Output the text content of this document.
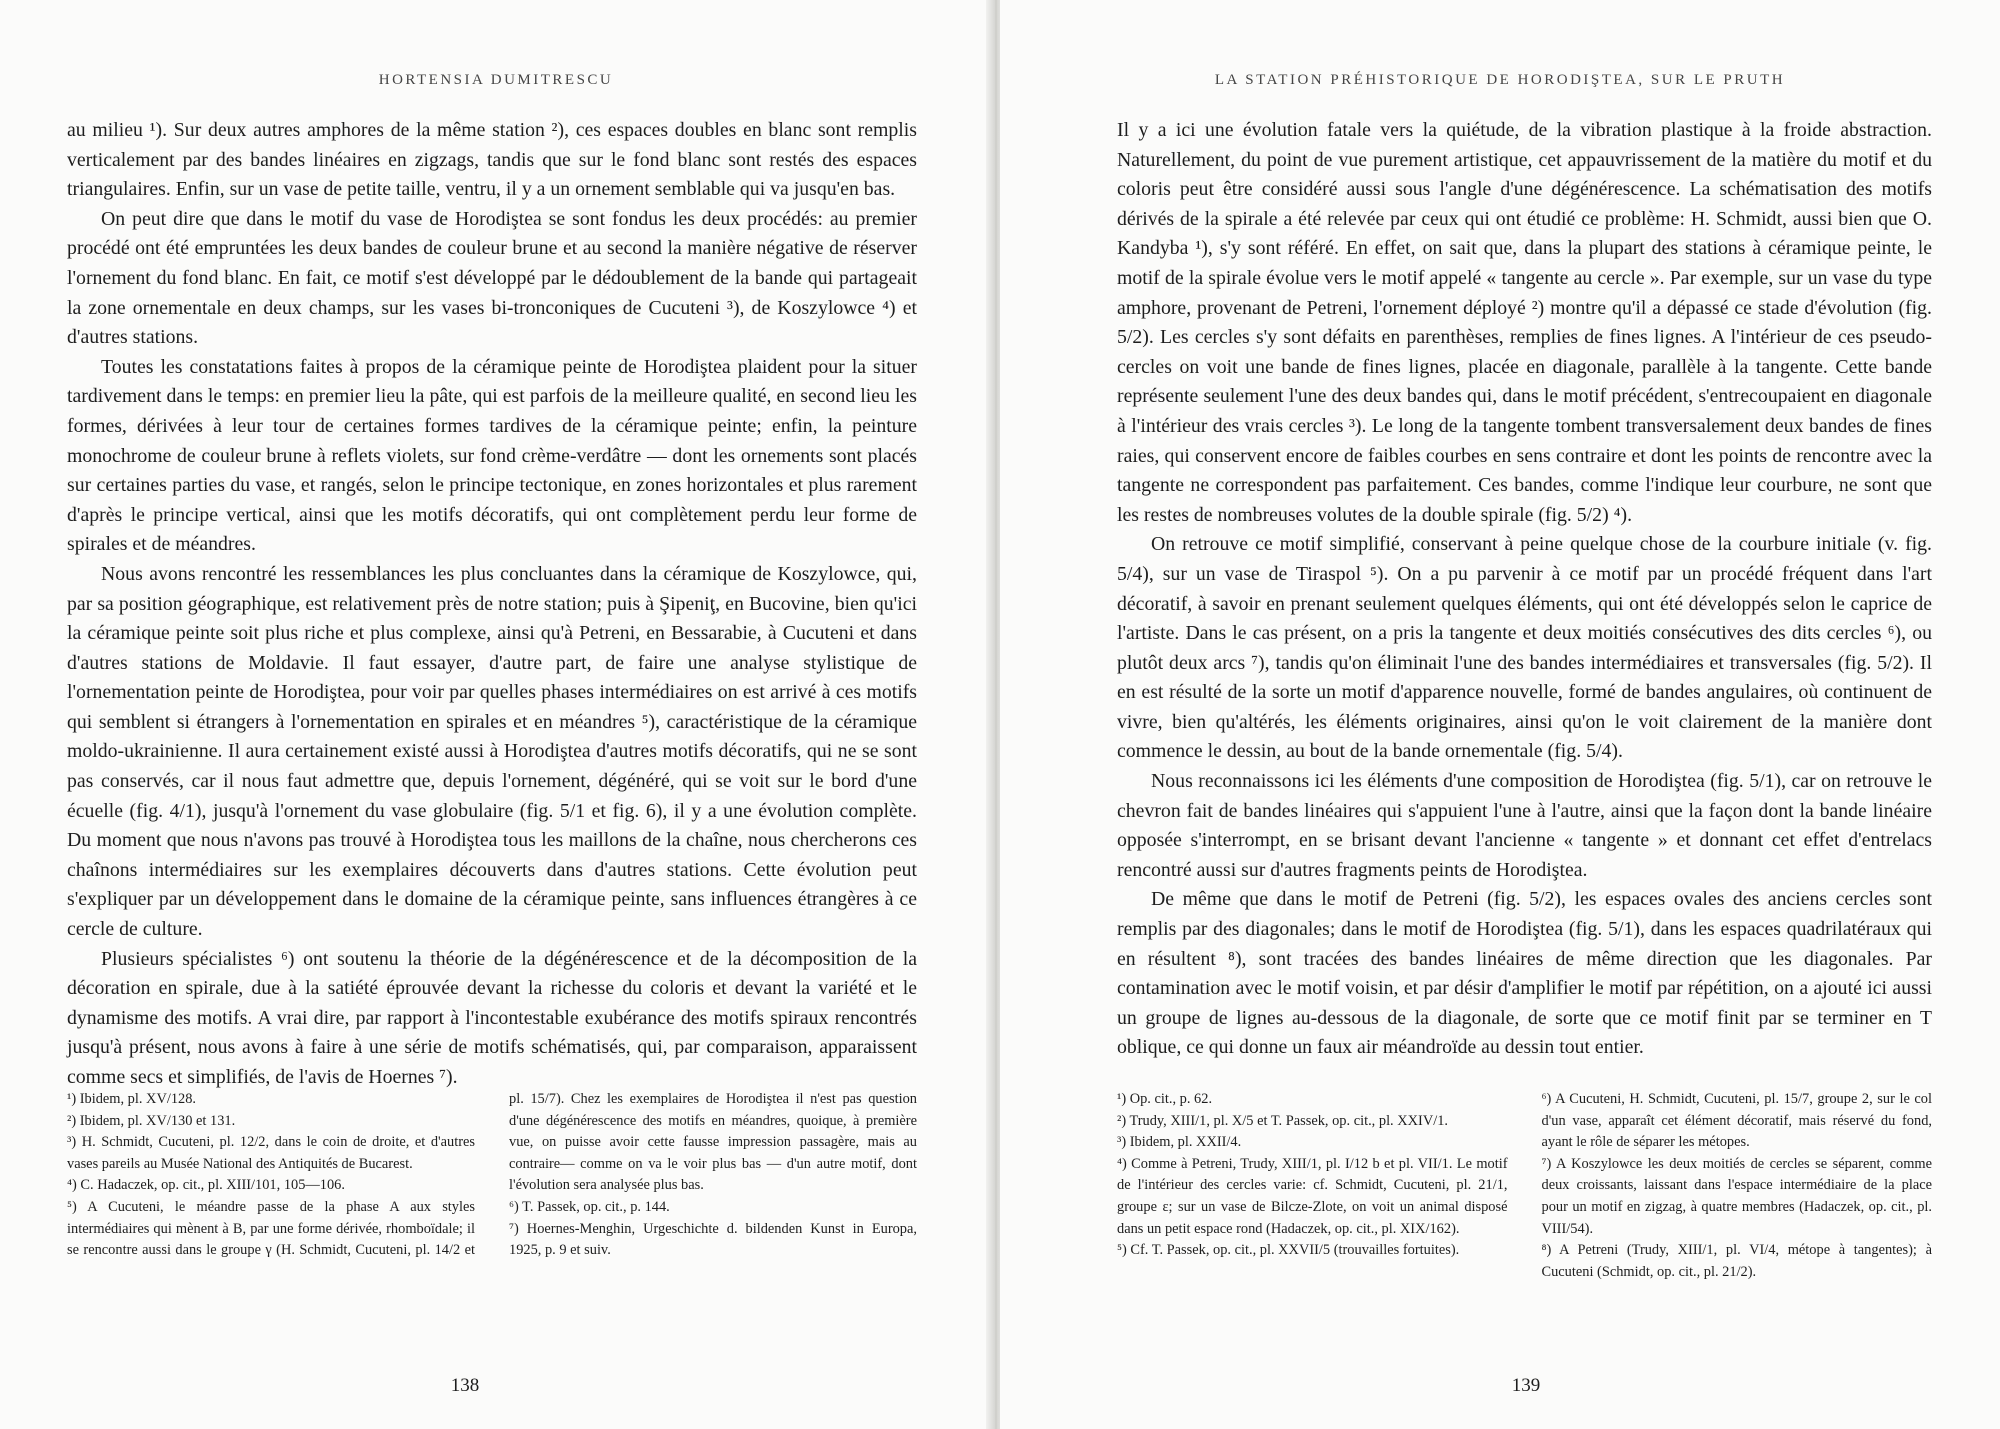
HORTENSIA DUMITRESCU

au milieu ¹). Sur deux autres amphores de la même station ²), ces espaces doubles en blanc sont remplis verticalement par des bandes linéaires en zigzags, tandis que sur le fond blanc sont restés des espaces triangulaires. Enfin, sur un vase de petite taille, ventru, il y a un ornement semblable qui va jusqu'en bas.

On peut dire que dans le motif du vase de Horodiştea se sont fondus les deux procédés: au premier procédé ont été empruntées les deux bandes de couleur brune et au second la manière négative de réserver l'ornement du fond blanc. En fait, ce motif s'est développé par le dédoublement de la bande qui partageait la zone ornementale en deux champs, sur les vases bi-tronconiques de Cucuteni ³), de Koszylowce ⁴) et d'autres stations.

Toutes les constatations faites à propos de la céramique peinte de Horodiştea plaident pour la situer tardivement dans le temps: en premier lieu la pâte, qui est parfois de la meilleure qualité, en second lieu les formes, dérivées à leur tour de certaines formes tardives de la céramique peinte; enfin, la peinture monochrome de couleur brune à reflets violets, sur fond crème-verdâtre — dont les ornements sont placés sur certaines parties du vase, et rangés, selon le principe tectonique, en zones horizontales et plus rarement d'après le principe vertical, ainsi que les motifs décoratifs, qui ont complètement perdu leur forme de spirales et de méandres.

Nous avons rencontré les ressemblances les plus concluantes dans la céramique de Koszylowce, qui, par sa position géographique, est relativement près de notre station; puis à Şipeniţ, en Bucovine, bien qu'ici la céramique peinte soit plus riche et plus complexe, ainsi qu'à Petreni, en Bessarabie, à Cucuteni et dans d'autres stations de Moldavie. Il faut essayer, d'autre part, de faire une analyse stylistique de l'ornementation peinte de Horodiştea, pour voir par quelles phases intermédiaires on est arrivé à ces motifs qui semblent si étrangers à l'ornementation en spirales et en méandres ⁵), caractéristique de la céramique moldo-ukrainienne. Il aura certainement existé aussi à Horodiştea d'autres motifs décoratifs, qui ne se sont pas conservés, car il nous faut admettre que, depuis l'ornement, dégénéré, qui se voit sur le bord d'une écuelle (fig. 4/1), jusqu'à l'ornement du vase globulaire (fig. 5/1 et fig. 6), il y a une évolution complète. Du moment que nous n'avons pas trouvé à Horodiştea tous les maillons de la chaîne, nous chercherons ces chaînons intermédiaires sur les exemplaires découverts dans d'autres stations. Cette évolution peut s'expliquer par un développement dans le domaine de la céramique peinte, sans influences étrangères à ce cercle de culture.

Plusieurs spécialistes ⁶) ont soutenu la théorie de la dégénérescence et de la décomposition de la décoration en spirale, due à la satiété éprouvée devant la richesse du coloris et devant la variété et le dynamisme des motifs. A vrai dire, par rapport à l'incontestable exubérance des motifs spiraux rencontrés jusqu'à présent, nous avons à faire à une série de motifs schématisés, qui, par comparaison, apparaissent comme secs et simplifiés, de l'avis de Hoernes ⁷).

¹) Ibidem, pl. XV/128.

²) Ibidem, pl. XV/130 et 131.

³) H. Schmidt, Cucuteni, pl. 12/2, dans le coin de droite, et d'autres vases pareils au Musée National des Antiquités de Bucarest.

⁴) C. Hadaczek, op. cit., pl. XIII/101, 105—106.

⁵) A Cucuteni, le méandre passe de la phase A aux styles intermédiaires qui mènent à B, par une forme dérivée, rhomboïdale; il se rencontre aussi dans le groupe γ (H. Schmidt, Cucuteni, pl. 14/2 et pl. 15/7). Chez les exemplaires de Horodiştea il n'est pas question d'une dégénérescence des motifs en méandres, quoique, à première vue, on puisse avoir cette fausse impression passagère, mais au contraire— comme on va le voir plus bas — d'un autre motif, dont l'évolution sera analysée plus bas.

⁶) T. Passek, op. cit., p. 144.

⁷) Hoernes-Menghin, Urgeschichte d. bildenden Kunst in Europa, 1925, p. 9 et suiv.

138
LA STATION PRÉHISTORIQUE DE HORODIŞTEA, SUR LE PRUTH

Il y a ici une évolution fatale vers la quiétude, de la vibration plastique à la froide abstraction. Naturellement, du point de vue purement artistique, cet appauvrissement de la matière du motif et du coloris peut être considéré aussi sous l'angle d'une dégénérescence. La schématisation des motifs dérivés de la spirale a été relevée par ceux qui ont étudié ce problème: H. Schmidt, aussi bien que O. Kandyba ¹), s'y sont référé. En effet, on sait que, dans la plupart des stations à céramique peinte, le motif de la spirale évolue vers le motif appelé « tangente au cercle ». Par exemple, sur un vase du type amphore, provenant de Petreni, l'ornement déployé ²) montre qu'il a dépassé ce stade d'évolution (fig. 5/2). Les cercles s'y sont défaits en parenthèses, remplies de fines lignes. A l'intérieur de ces pseudo-cercles on voit une bande de fines lignes, placée en diagonale, parallèle à la tangente. Cette bande représente seulement l'une des deux bandes qui, dans le motif précédent, s'entrecoupaient en diagonale à l'intérieur des vrais cercles ³). Le long de la tangente tombent transversalement deux bandes de fines raies, qui conservent encore de faibles courbes en sens contraire et dont les points de rencontre avec la tangente ne correspondent pas parfaitement. Ces bandes, comme l'indique leur courbure, ne sont que les restes de nombreuses volutes de la double spirale (fig. 5/2) ⁴).

On retrouve ce motif simplifié, conservant à peine quelque chose de la courbure initiale (v. fig. 5/4), sur un vase de Tiraspol ⁵). On a pu parvenir à ce motif par un procédé fréquent dans l'art décoratif, à savoir en prenant seulement quelques éléments, qui ont été développés selon le caprice de l'artiste. Dans le cas présent, on a pris la tangente et deux moitiés consécutives des dits cercles ⁶), ou plutôt deux arcs ⁷), tandis qu'on éliminait l'une des bandes intermédiaires et transversales (fig. 5/2). Il en est résulté de la sorte un motif d'apparence nouvelle, formé de bandes angulaires, où continuent de vivre, bien qu'altérés, les éléments originaires, ainsi qu'on le voit clairement de la manière dont commence le dessin, au bout de la bande ornementale (fig. 5/4).

Nous reconnaissons ici les éléments d'une composition de Horodiştea (fig. 5/1), car on retrouve le chevron fait de bandes linéaires qui s'appuient l'une à l'autre, ainsi que la façon dont la bande linéaire opposée s'interrompt, en se brisant devant l'ancienne « tangente » et donnant cet effet d'entrelacs rencontré aussi sur d'autres fragments peints de Horodiştea.

De même que dans le motif de Petreni (fig. 5/2), les espaces ovales des anciens cercles sont remplis par des diagonales; dans le motif de Horodiştea (fig. 5/1), dans les espaces quadrilatéraux qui en résultent ⁸), sont tracées des bandes linéaires de même direction que les diagonales. Par contamination avec le motif voisin, et par désir d'amplifier le motif par répétition, on a ajouté ici aussi un groupe de lignes au-dessous de la diagonale, de sorte que ce motif finit par se terminer en T oblique, ce qui donne un faux air méandroïde au dessin tout entier.

¹) Op. cit., p. 62.

²) Trudy, XIII/1, pl. X/5 et T. Passek, op. cit., pl. XXIV/1.

³) Ibidem, pl. XXII/4.

⁴) Comme à Petreni, Trudy, XIII/1, pl. I/12 b et pl. VII/1. Le motif de l'intérieur des cercles varie: cf. Schmidt, Cucuteni, pl. 21/1, groupe ε; sur un vase de Bilcze-Zlote, on voit un animal disposé dans un petit espace rond (Hadaczek, op. cit., pl. XIX/162).

⁵) Cf. T. Passek, op. cit., pl. XXVII/5 (trouvailles fortuites).

⁶) A Cucuteni, H. Schmidt, Cucuteni, pl. 15/7, groupe 2, sur le col d'un vase, apparaît cet élément décoratif, mais réservé du fond, ayant le rôle de séparer les métopes.

⁷) A Koszylowce les deux moitiés de cercles se séparent, comme deux croissants, laissant dans l'espace intermédiaire de la place pour un motif en zigzag, à quatre membres (Hadaczek, op. cit., pl. VIII/54).

⁸) A Petreni (Trudy, XIII/1, pl. VI/4, métope à tangentes); à Cucuteni (Schmidt, op. cit., pl. 21/2).

139
